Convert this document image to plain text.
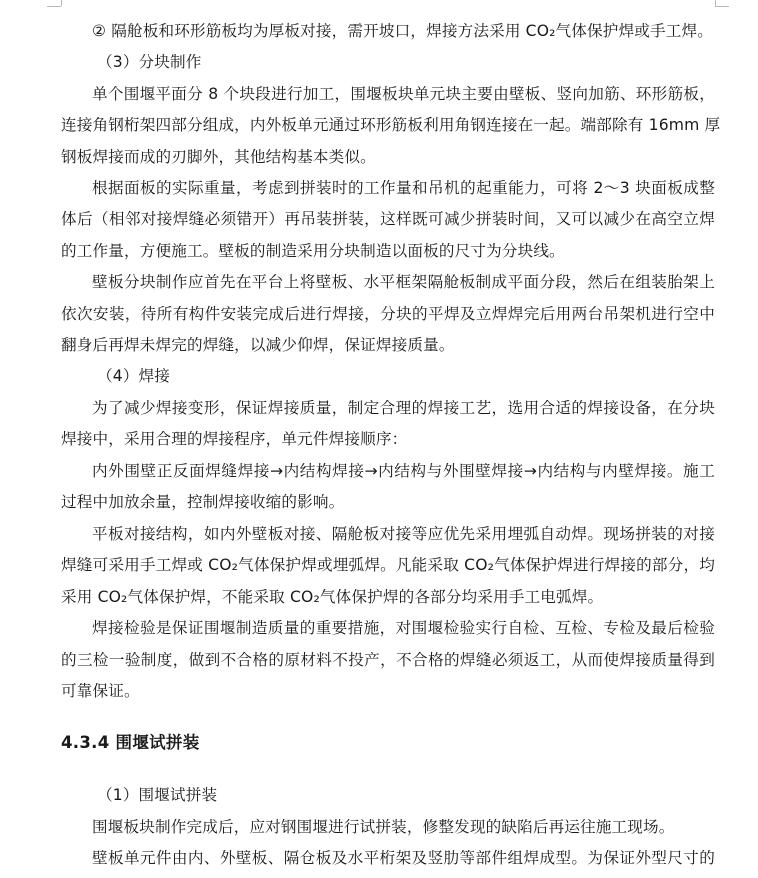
② 隔舱板和环形筋板均为厚板对接，需开坡口，焊接方法采用 CO₂气体保护焊或手工焊。
（3）分块制作
单个围堰平面分 8 个块段进行加工，围堰板块单元块主要由壁板、竖向加筋、环形筋板，
连接角钢桁架四部分组成，内外板单元通过环形筋板利用角钢连接在一起。端部除有 16mm 厚
钢板焊接而成的刃脚外，其他结构基本类似。
根据面板的实际重量，考虑到拼装时的工作量和吊机的起重能力，可将 2～3 块面板成整
体后（相邻对接焊缝必须错开）再吊装拼装，这样既可减少拼装时间，又可以减少在高空立焊
的工作量，方便施工。壁板的制造采用分块制造以面板的尺寸为分块线。
壁板分块制作应首先在平台上将壁板、水平框架隔舱板制成平面分段，然后在组装胎架上
依次安装，待所有构件安装完成后进行焊接，分块的平焊及立焊焊完后用两台吊架机进行空中
翻身后再焊未焊完的焊缝，以减少仰焊，保证焊接质量。
（4）焊接
为了减少焊接变形，保证焊接质量，制定合理的焊接工艺，选用合适的焊接设备，在分块
焊接中，采用合理的焊接程序，单元件焊接顺序：
内外围壁正反面焊缝焊接→内结构焊接→内结构与外围壁焊接→内结构与内壁焊接。施工
过程中加放余量，控制焊接收缩的影响。
平板对接结构，如内外壁板对接、隔舱板对接等应优先采用埋弧自动焊。现场拼装的对接
焊缝可采用手工焊或 CO₂气体保护焊或埋弧焊。凡能采取 CO₂气体保护焊进行焊接的部分，均
采用 CO₂气体保护焊，不能采取 CO₂气体保护焊的各部分均采用手工电弧焊。
焊接检验是保证围堰制造质量的重要措施，对围堰检验实行自检、互检、专检及最后检验
的三检一验制度，做到不合格的原材料不投产，不合格的焊缝必须返工，从而使焊接质量得到
可靠保证。
4.3.4 围堰试拼装
（1）围堰试拼装
围堰板块制作完成后，应对钢围堰进行试拼装，修整发现的缺陷后再运往施工现场。
壁板单元件由内、外壁板、隔仓板及水平桁架及竖肋等部件组焊成型。为保证外型尺寸的
